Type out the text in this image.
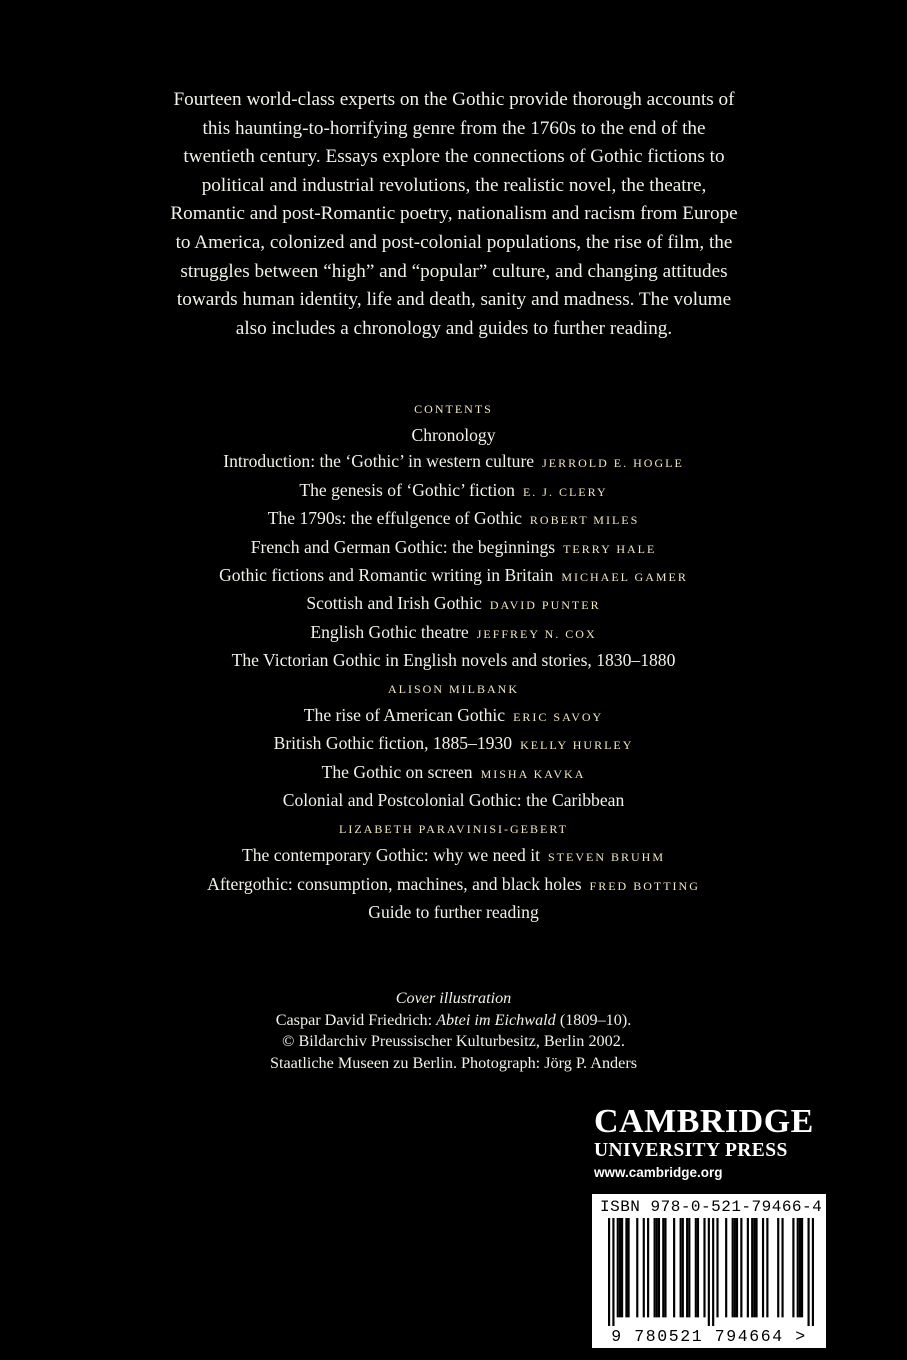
Fourteen world-class experts on the Gothic provide thorough accounts of this haunting-to-horrifying genre from the 1760s to the end of the twentieth century. Essays explore the connections of Gothic fictions to political and industrial revolutions, the realistic novel, the theatre, Romantic and post-Romantic poetry, nationalism and racism from Europe to America, colonized and post-colonial populations, the rise of film, the struggles between “high” and “popular” culture, and changing attitudes towards human identity, life and death, sanity and madness. The volume also includes a chronology and guides to further reading.
CONTENTS
Chronology
Introduction: the ‘Gothic’ in western culture JERROLD E. HOGLE
The genesis of ‘Gothic’ fiction E. J. CLERY
The 1790s: the effulgence of Gothic ROBERT MILES
French and German Gothic: the beginnings TERRY HALE
Gothic fictions and Romantic writing in Britain MICHAEL GAMER
Scottish and Irish Gothic DAVID PUNTER
English Gothic theatre JEFFREY N. COX
The Victorian Gothic in English novels and stories, 1830–1880
ALISON MILBANK
The rise of American Gothic ERIC SAVOY
British Gothic fiction, 1885–1930 KELLY HURLEY
The Gothic on screen MISHA KAVKA
Colonial and Postcolonial Gothic: the Caribbean
LIZABETH PARAVINISI-GEBERT
The contemporary Gothic: why we need it STEVEN BRUHM
Aftergothic: consumption, machines, and black holes FRED BOTTING
Guide to further reading
Cover illustration
Caspar David Friedrich: Abtei im Eichwald (1809–10).
© Bildarchiv Preussischer Kulturbesitz, Berlin 2002.
Staatliche Museen zu Berlin. Photograph: Jörg P. Anders
CAMBRIDGE
UNIVERSITY PRESS
www.cambridge.org
ISBN 978-0-521-79466-4
9 780521 794664 >
